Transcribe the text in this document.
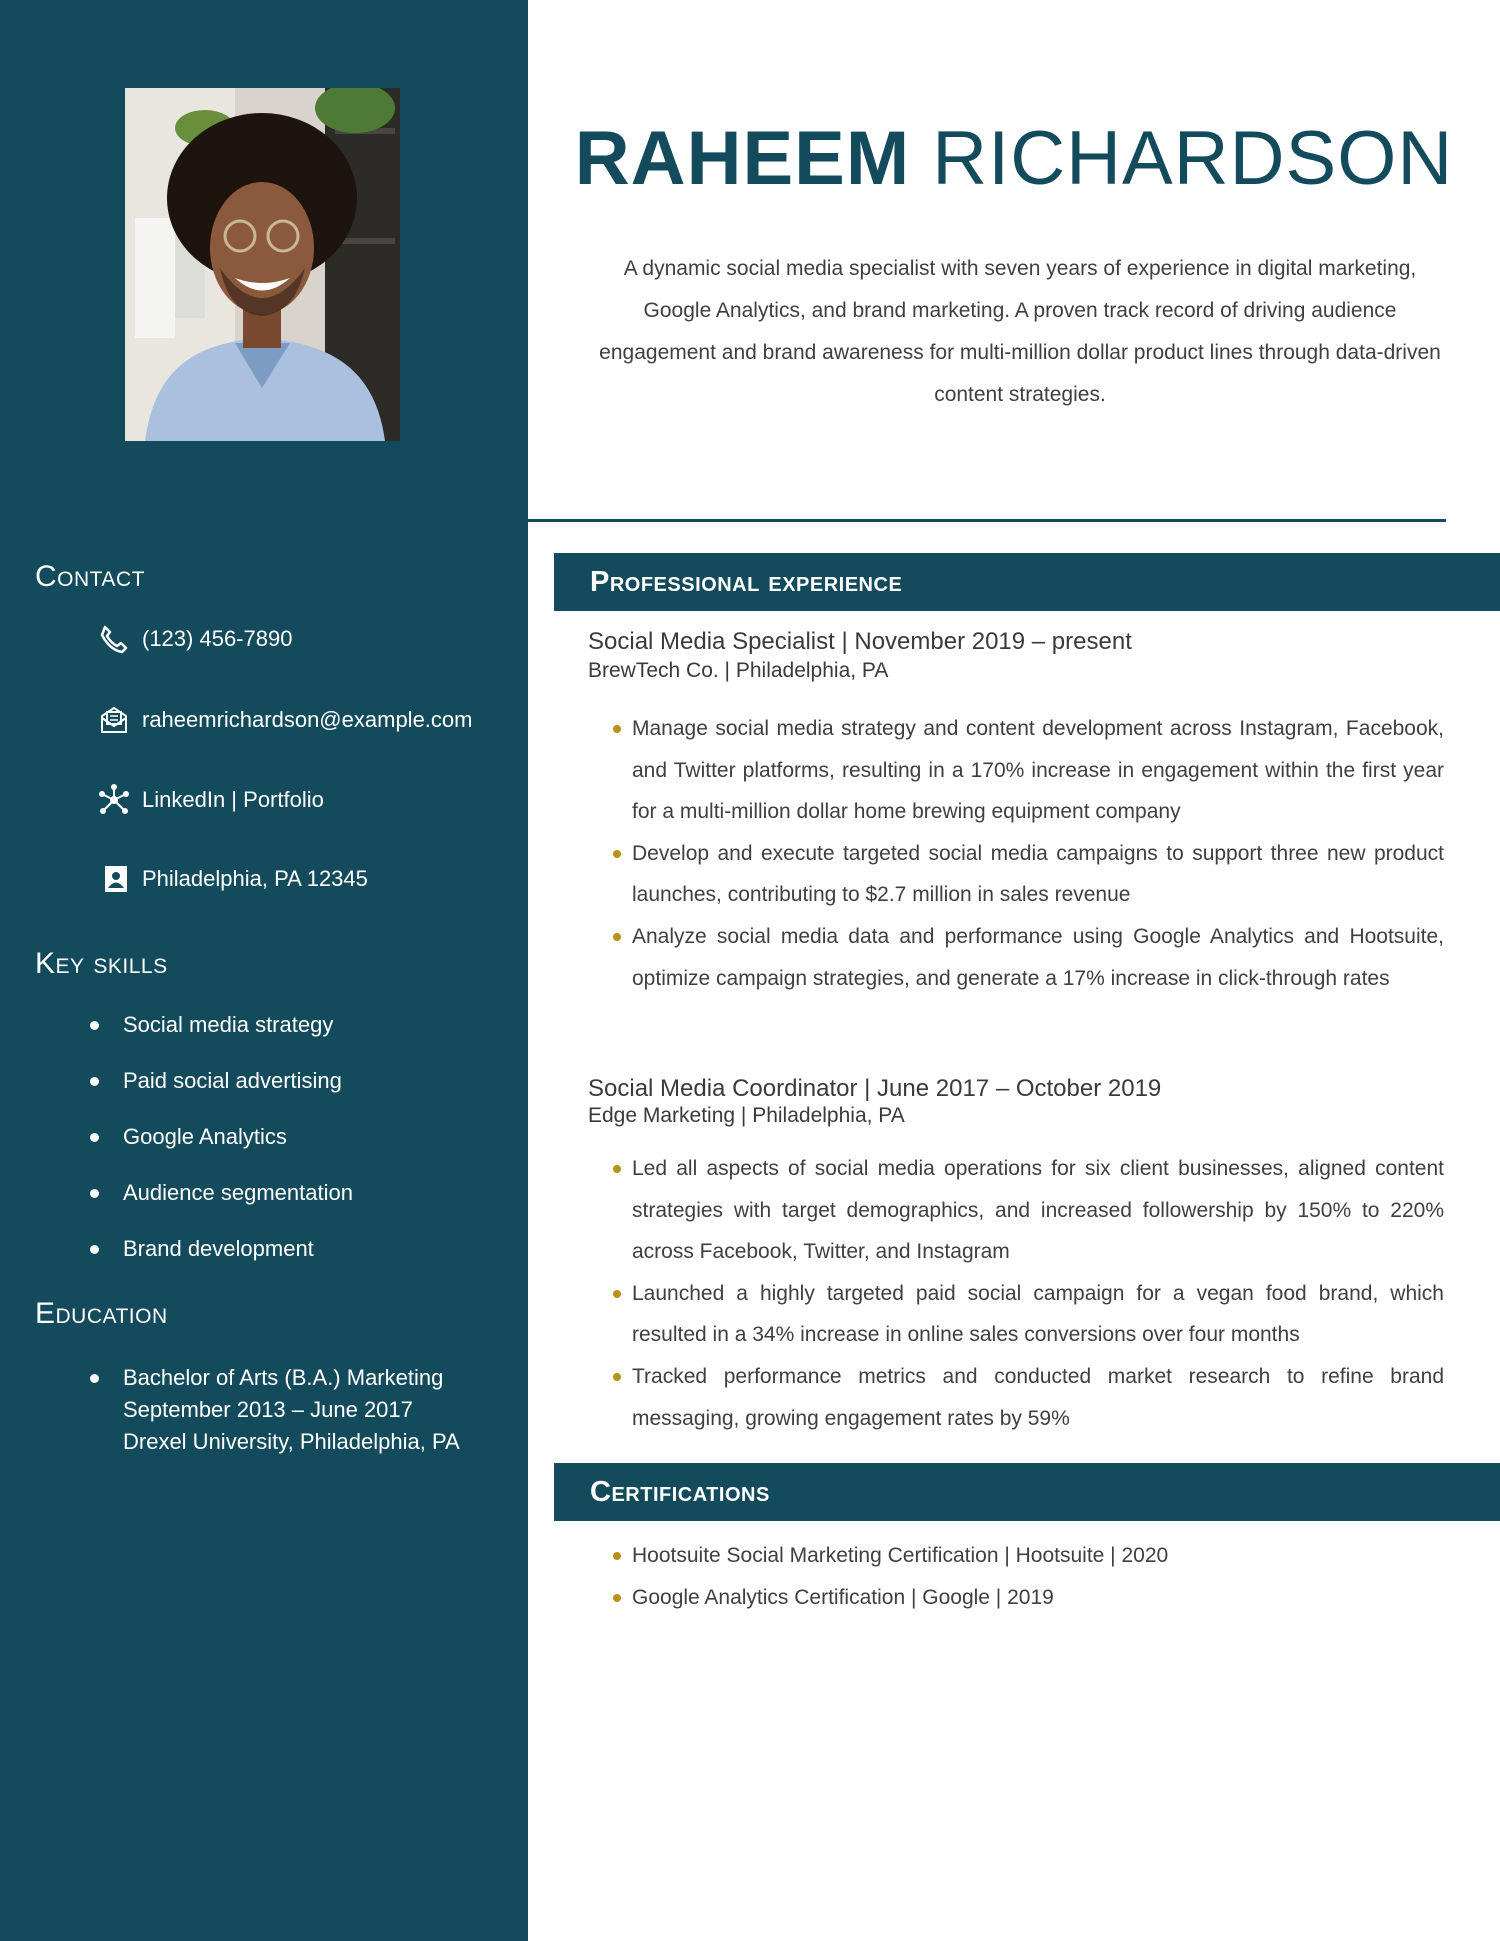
Contact
(123) 456-7890
raheemrichardson@example.com
LinkedIn | Portfolio
Philadelphia, PA 12345
Key skills
Social media strategy
Paid social advertising
Google Analytics
Audience segmentation
Brand development
Education
Bachelor of Arts (B.A.) Marketing
September 2013 – June 2017
Drexel University, Philadelphia, PA
RAHEEM RICHARDSON

A dynamic social media specialist with seven years of experience in digital marketing, Google Analytics, and brand marketing. A proven track record of driving audience engagement and brand awareness for multi-million dollar product lines through data-driven content strategies.

Professional experience
Social Media Specialist | November 2019 – present
BrewTech Co. | Philadelphia, PA
Manage social media strategy and content development across Instagram, Facebook, and Twitter platforms, resulting in a 170% increase in engagement within the first year for a multi-million dollar home brewing equipment company
Develop and execute targeted social media campaigns to support three new product launches, contributing to $2.7 million in sales revenue
Analyze social media data and performance using Google Analytics and Hootsuite, optimize campaign strategies, and generate a 17% increase in click-through rates
Social Media Coordinator | June 2017 – October 2019
Edge Marketing | Philadelphia, PA
Led all aspects of social media operations for six client businesses, aligned content strategies with target demographics, and increased followership by 150% to 220% across Facebook, Twitter, and Instagram
Launched a highly targeted paid social campaign for a vegan food brand, which resulted in a 34% increase in online sales conversions over four months
Tracked performance metrics and conducted market research to refine brand messaging, growing engagement rates by 59%
Certifications
Hootsuite Social Marketing Certification | Hootsuite | 2020
Google Analytics Certification | Google | 2019
